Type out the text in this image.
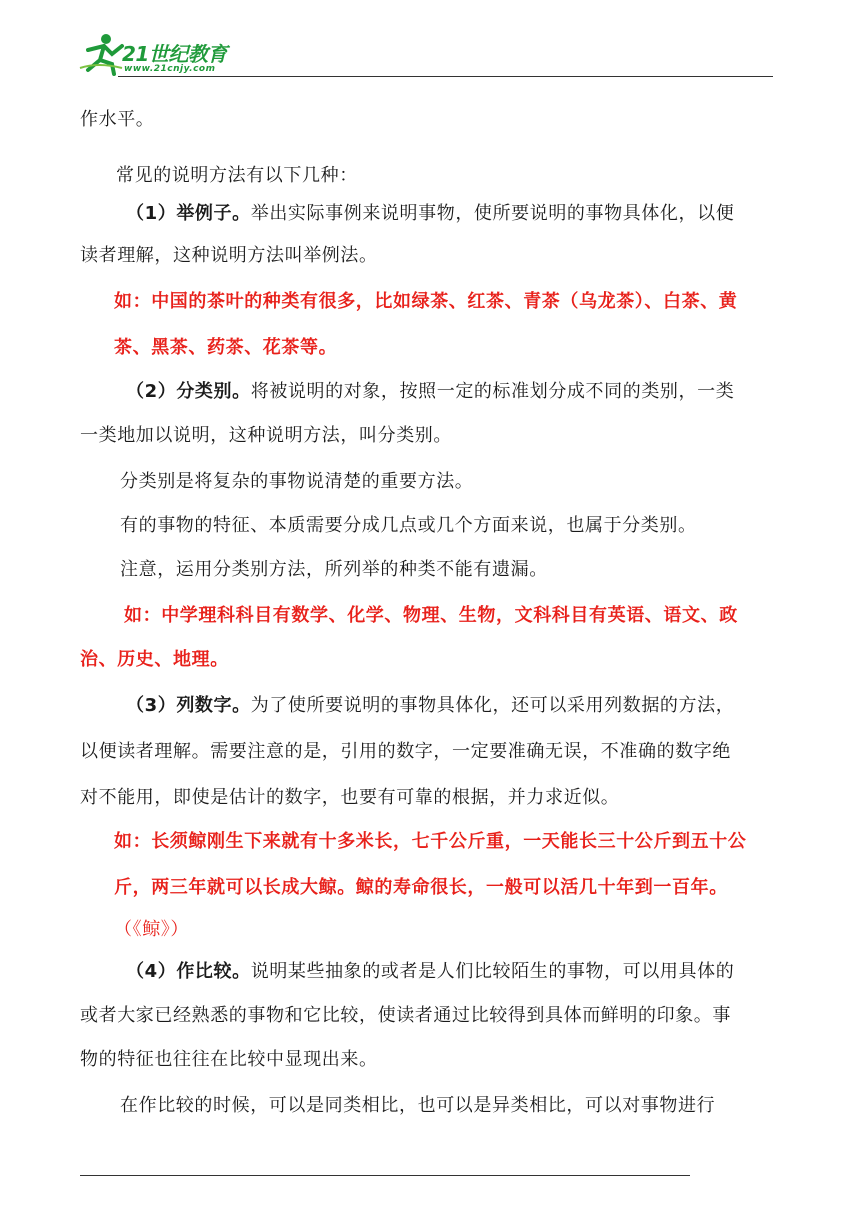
21世纪教育
www.21cnjy.com
作水平。
常见的说明方法有以下几种：
（1）举例子。举出实际事例来说明事物，使所要说明的事物具体化，以便
读者理解，这种说明方法叫举例法。
如：中国的茶叶的种类有很多，比如绿茶、红茶、青茶（乌龙茶）、白茶、黄
茶、黑茶、药茶、花茶等。
（2）分类别。将被说明的对象，按照一定的标准划分成不同的类别，一类
一类地加以说明，这种说明方法，叫分类别。
分类别是将复杂的事物说清楚的重要方法。
有的事物的特征、本质需要分成几点或几个方面来说，也属于分类别。
注意，运用分类别方法，所列举的种类不能有遗漏。
如：中学理科科目有数学、化学、物理、生物，文科科目有英语、语文、政
治、历史、地理。
（3）列数字。为了使所要说明的事物具体化，还可以采用列数据的方法，
以便读者理解。需要注意的是，引用的数字，一定要准确无误，不准确的数字绝
对不能用，即使是估计的数字，也要有可靠的根据，并力求近似。
如：长须鲸刚生下来就有十多米长，七千公斤重，一天能长三十公斤到五十公
斤，两三年就可以长成大鲸。鲸的寿命很长，一般可以活几十年到一百年。
（《鲸》）
（4）作比较。说明某些抽象的或者是人们比较陌生的事物，可以用具体的
或者大家已经熟悉的事物和它比较，使读者通过比较得到具体而鲜明的印象。事
物的特征也往往在比较中显现出来。
在作比较的时候，可以是同类相比，也可以是异类相比，可以对事物进行
